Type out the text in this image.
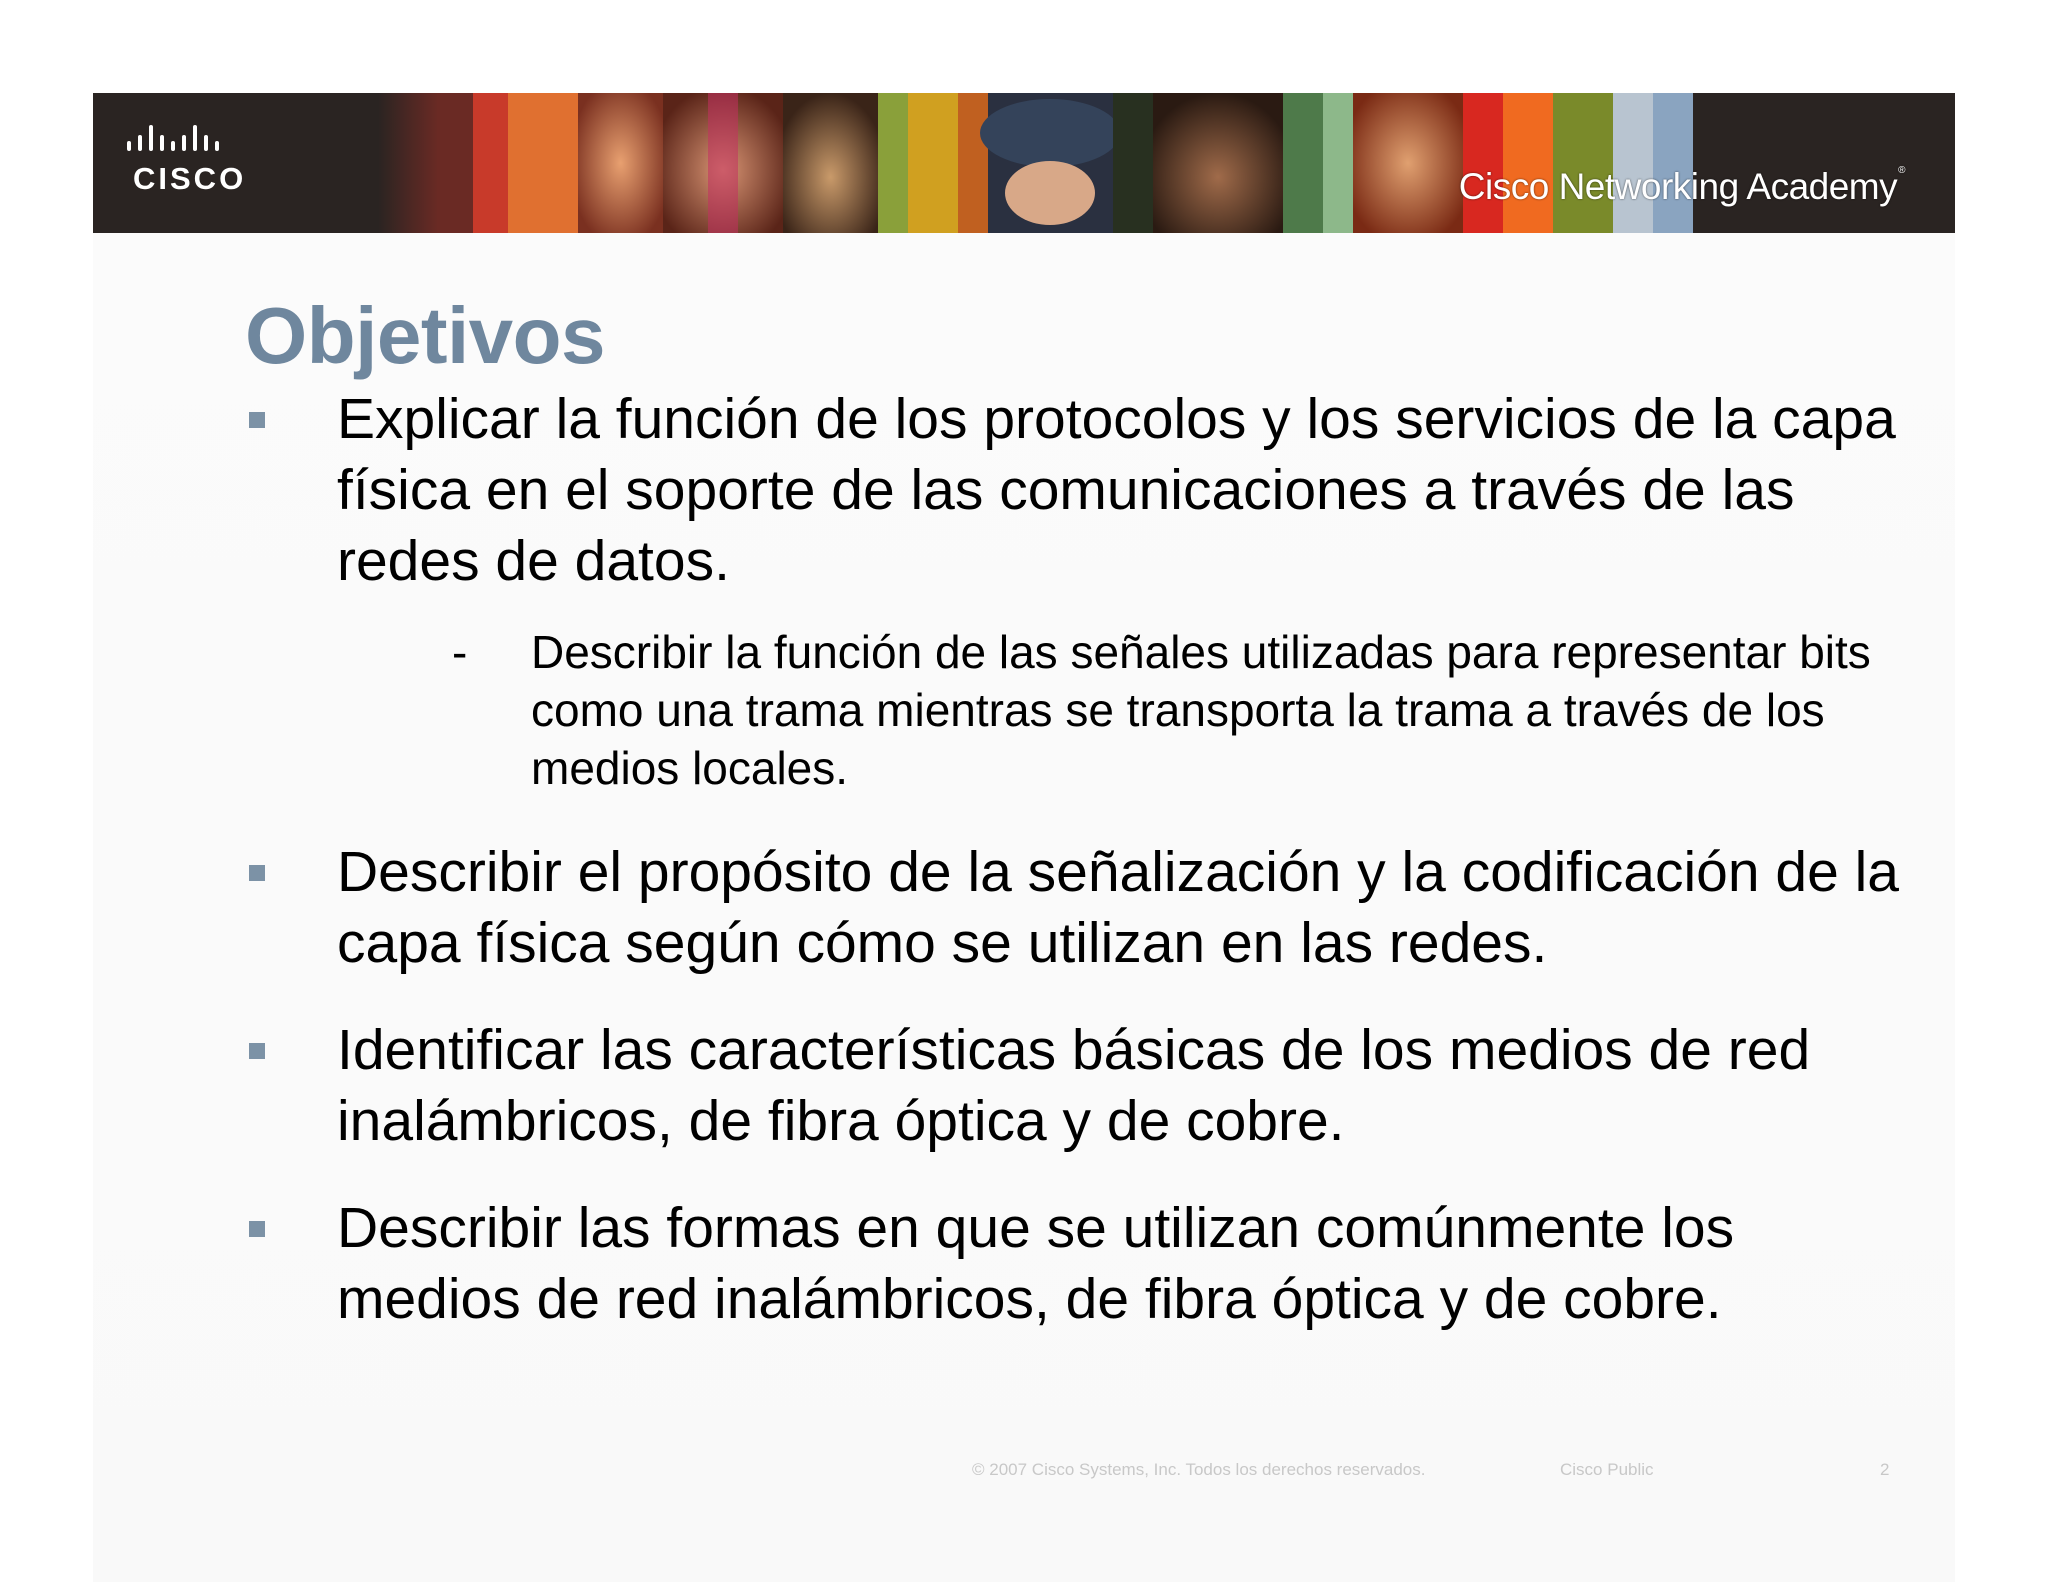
CISCO	Cisco Networking Academy®
Objetivos
Explicar la función de los protocolos y los servicios de la capa física en el soporte de las comunicaciones a través de las redes de datos.
- Describir la función de las señales utilizadas para representar bits como una trama mientras se transporta la trama a través de los medios locales.
Describir el propósito de la señalización y la codificación de la capa física según cómo se utilizan en las redes.
Identificar las características básicas de los medios de red inalámbricos, de fibra óptica y de cobre.
Describir las formas en que se utilizan comúnmente los medios de red inalámbricos, de fibra óptica y de cobre.
© 2007 Cisco Systems, Inc. Todos los derechos reservados.	Cisco Public	2
